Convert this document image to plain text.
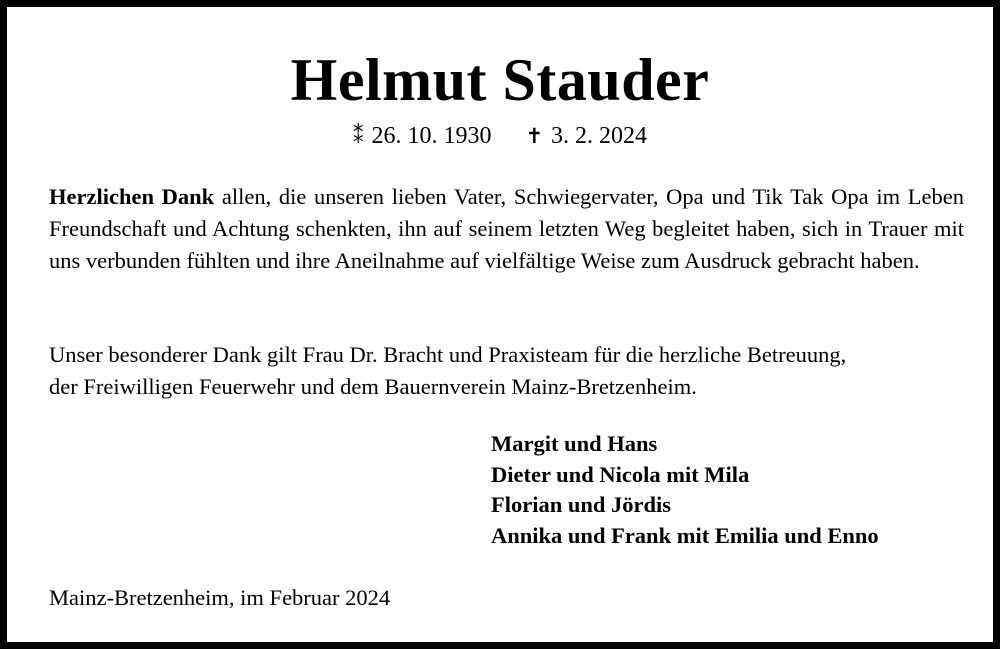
Helmut Stauder
⁑ 26. 10. 1930 ✝ 3. 2. 2024

Herzlichen Dank allen, die unseren lieben Vater, Schwiegervater, Opa und Tik Tak Opa im Leben Freundschaft und Achtung schenkten, ihn auf seinem letzten Weg begleitet haben, sich in Trauer mit uns verbunden fühlten und ihre Aneilnahme auf vielfältige Weise zum Ausdruck gebracht haben.

Unser besonderer Dank gilt Frau Dr. Bracht und Praxisteam für die herzliche Betreuung,
der Freiwilligen Feuerwehr und dem Bauernverein Mainz-Bretzenheim.

Margit und Hans
Dieter und Nicola mit Mila
Florian und Jördis
Annika und Frank mit Emilia und Enno
Mainz-Bretzenheim, im Februar 2024
